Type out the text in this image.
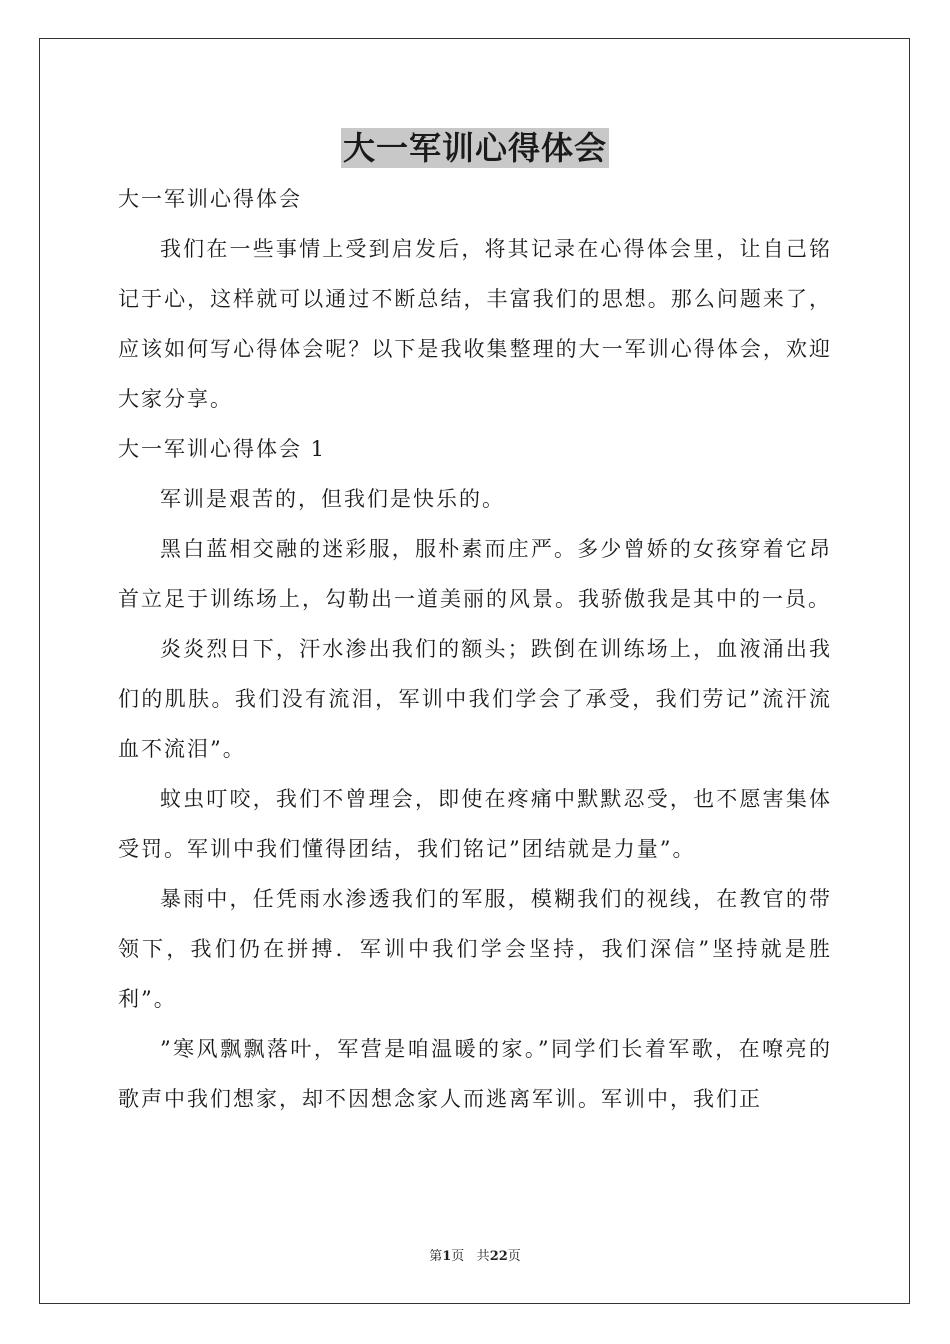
大一军训心得体会

大一军训心得体会

我们在一些事情上受到启发后，将其记录在心得体会里，让自己铭记于心，这样就可以通过不断总结，丰富我们的思想。那么问题来了，应该如何写心得体会呢？以下是我收集整理的大一军训心得体会，欢迎大家分享。

大一军训心得体会 1

军训是艰苦的，但我们是快乐的。

黑白蓝相交融的迷彩服，服朴素而庄严。多少曾娇的女孩穿着它昂首立足于训练场上，勾勒出一道美丽的风景。我骄傲我是其中的一员。

炎炎烈日下，汗水渗出我们的额头；跌倒在训练场上，血液涌出我们的肌肤。我们没有流泪，军训中我们学会了承受，我们劳记”流汗流血不流泪”。

蚊虫叮咬，我们不曾理会，即使在疼痛中默默忍受，也不愿害集体受罚。军训中我们懂得团结，我们铭记”团结就是力量”。

暴雨中，任凭雨水渗透我们的军服，模糊我们的视线，在教官的带领下，我们仍在拼搏．军训中我们学会坚持，我们深信”坚持就是胜利”。

”寒风飘飘落叶，军营是咱温暖的家。”同学们长着军歌，在嘹亮的歌声中我们想家，却不因想念家人而逃离军训。军训中，我们正

第1页 共22页
